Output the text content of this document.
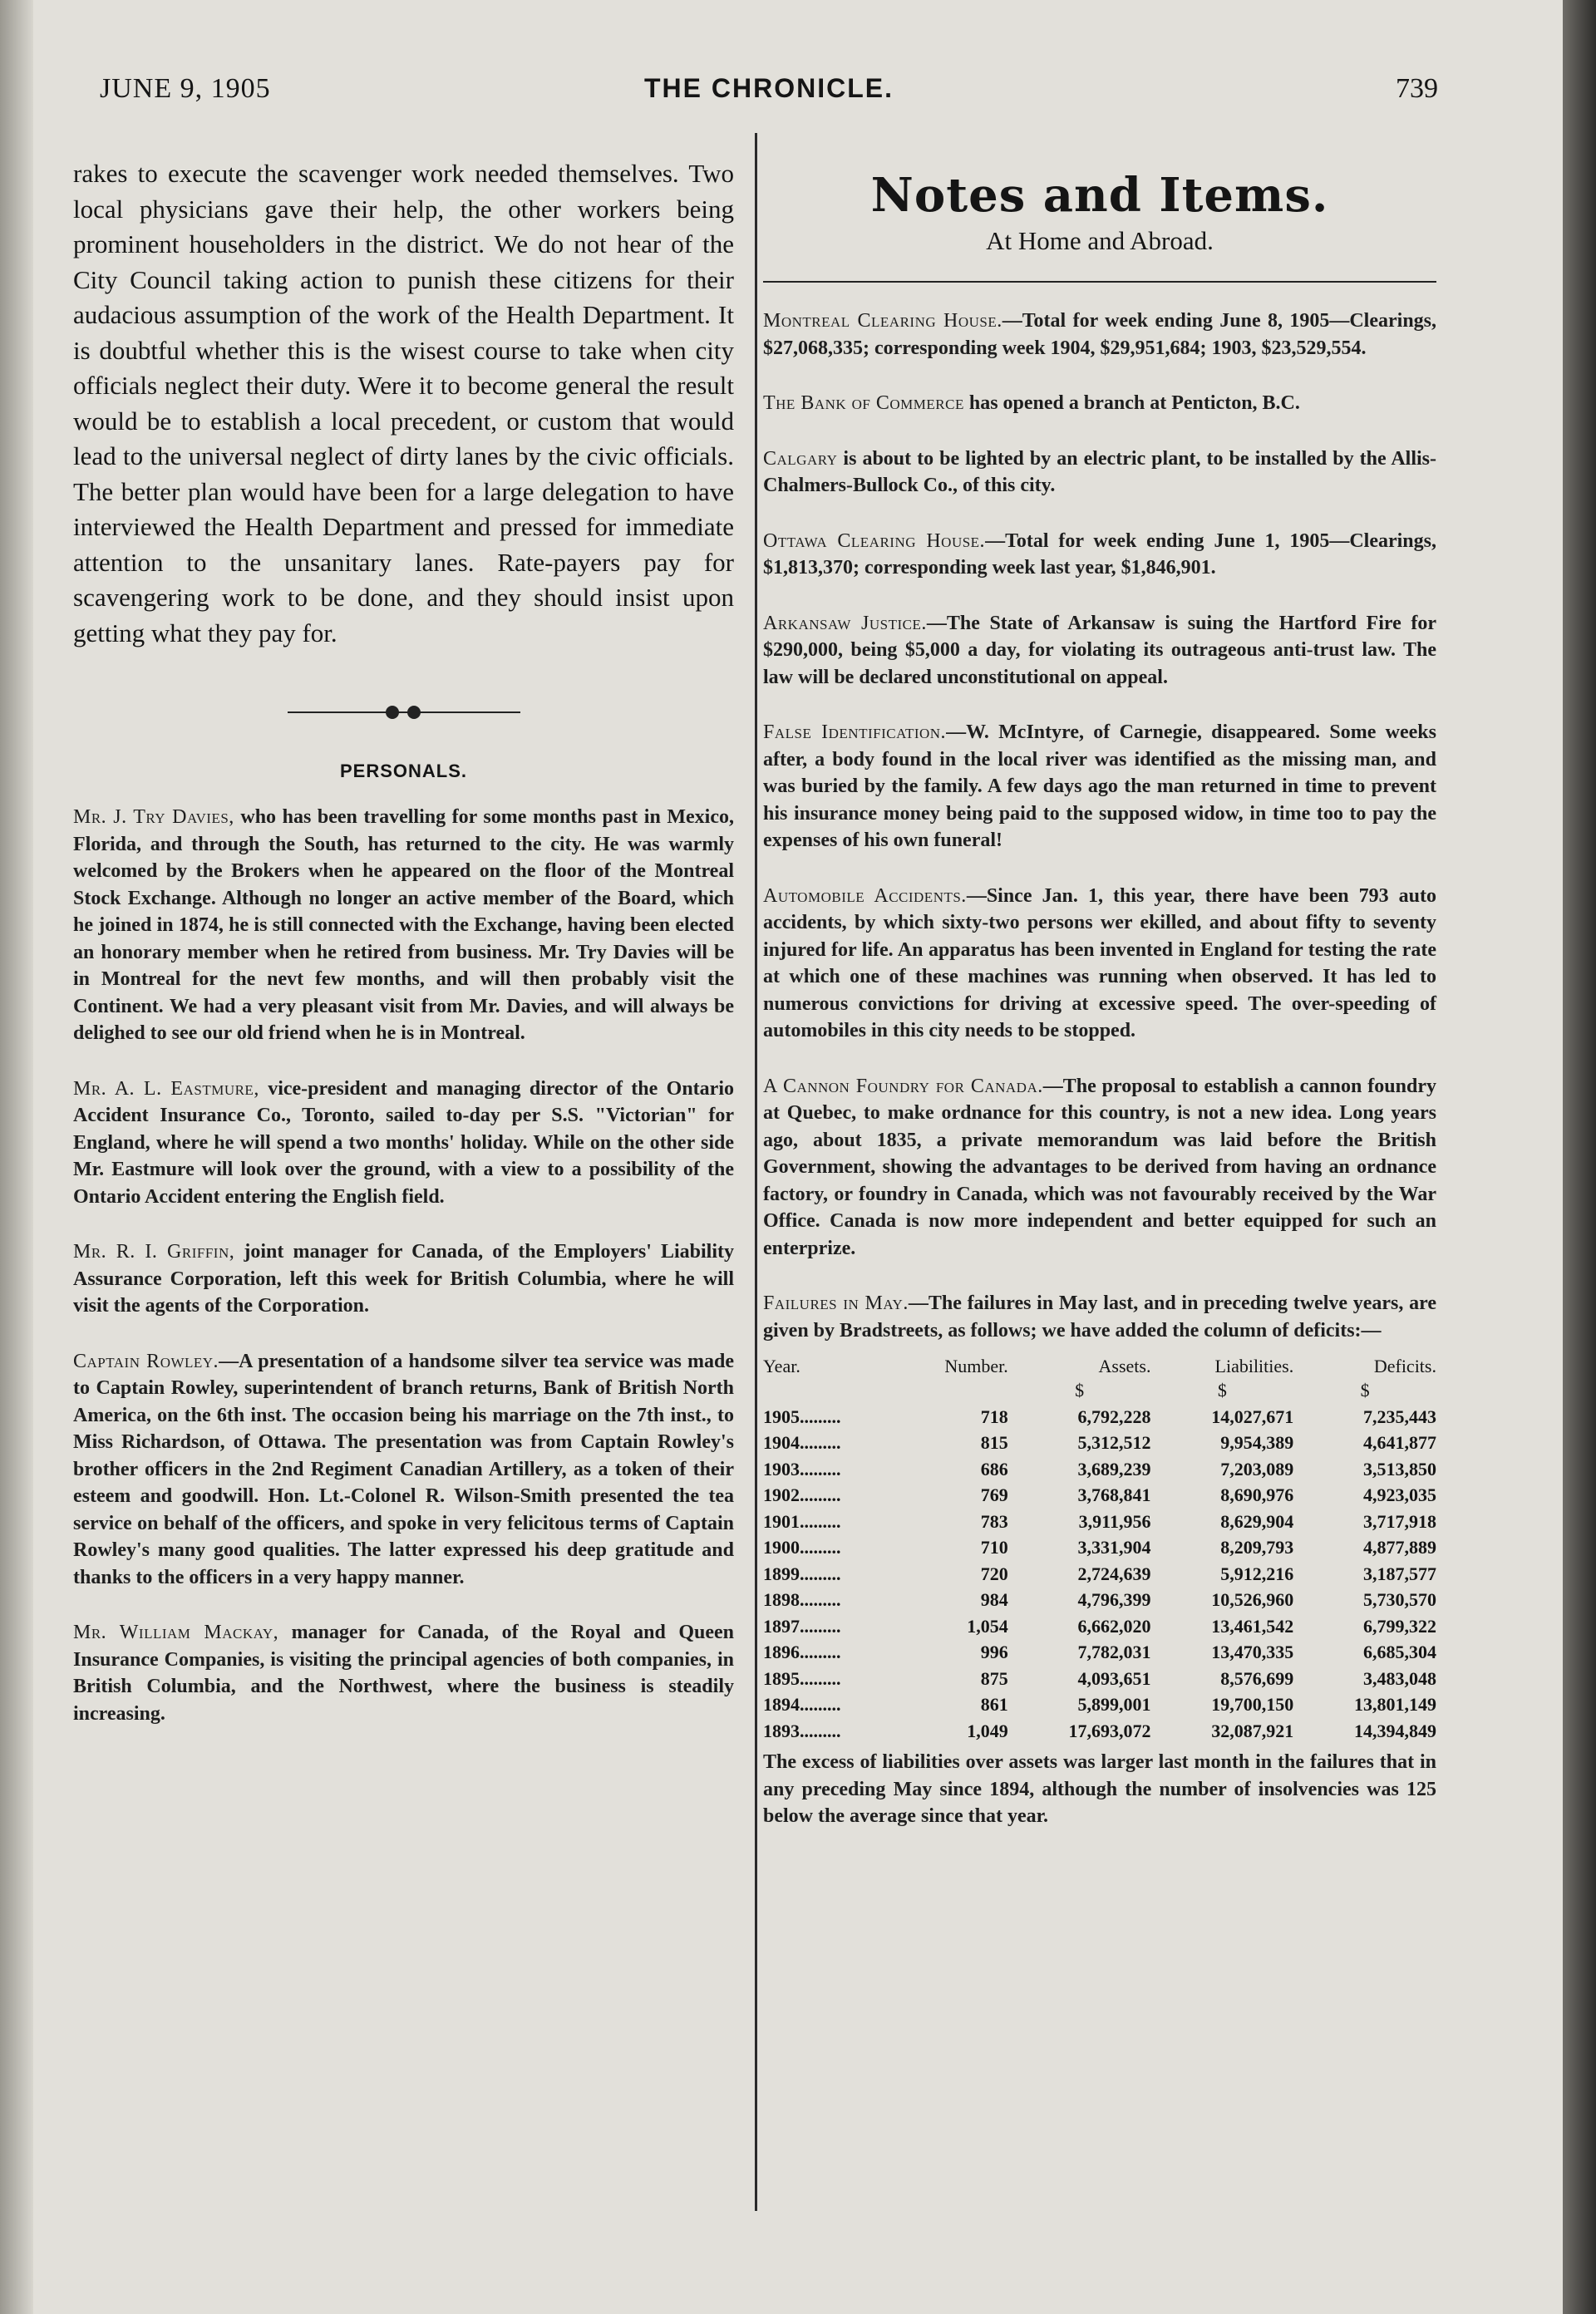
JUNE 9, 1905	THE CHRONICLE.	739

rakes to execute the scavenger work needed themselves. Two local physicians gave their help, the other workers being prominent householders in the district. We do not hear of the City Council taking action to punish these citizens for their audacious assumption of the work of the Health Department. It is doubtful whether this is the wisest course to take when city officials neglect their duty. Were it to become general the result would be to establish a local precedent, or custom that would lead to the universal neglect of dirty lanes by the civic officials. The better plan would have been for a large delegation to have interviewed the Health Department and pressed for immediate attention to the unsanitary lanes. Rate-payers pay for scavengering work to be done, and they should insist upon getting what they pay for.

PERSONALS.

Mr. J. Try Davies, who has been travelling for some months past in Mexico, Florida, and through the South, has returned to the city. He was warmly welcomed by the Brokers when he appeared on the floor of the Montreal Stock Exchange. Although no longer an active member of the Board, which he joined in 1874, he is still connected with the Exchange, having been elected an honorary member when he retired from business. Mr. Try Davies will be in Montreal for the nevt few months, and will then probably visit the Continent. We had a very pleasant visit from Mr. Davies, and will always be delighed to see our old friend when he is in Montreal.

Mr. A. L. Eastmure, vice-president and managing director of the Ontario Accident Insurance Co., Toronto, sailed to-day per S.S. "Victorian" for England, where he will spend a two months' holiday. While on the other side Mr. Eastmure will look over the ground, with a view to a possibility of the Ontario Accident entering the English field.

Mr. R. I. Griffin, joint manager for Canada, of the Employers' Liability Assurance Corporation, left this week for British Columbia, where he will visit the agents of the Corporation.

Captain Rowley.—A presentation of a handsome silver tea service was made to Captain Rowley, superintendent of branch returns, Bank of British North America, on the 6th inst. The occasion being his marriage on the 7th inst., to Miss Richardson, of Ottawa. The presentation was from Captain Rowley's brother officers in the 2nd Regiment Canadian Artillery, as a token of their esteem and goodwill. Hon. Lt.-Colonel R. Wilson-Smith presented the tea service on behalf of the officers, and spoke in very felicitous terms of Captain Rowley's many good qualities. The latter expressed his deep gratitude and thanks to the officers in a very happy manner.

Mr. William Mackay, manager for Canada, of the Royal and Queen Insurance Companies, is visiting the principal agencies of both companies, in British Columbia, and the Northwest, where the business is steadily increasing.

Notes and Items.
At Home and Abroad.

Montreal Clearing House.—Total for week ending June 8, 1905—Clearings, $27,068,335; corresponding week 1904, $29,951,684; 1903, $23,529,554.

The Bank of Commerce has opened a branch at Penticton, B.C.

Calgary is about to be lighted by an electric plant, to be installed by the Allis-Chalmers-Bullock Co., of this city.

Ottawa Clearing House.—Total for week ending June 1, 1905—Clearings, $1,813,370; corresponding week last year, $1,846,901.

Arkansaw Justice.—The State of Arkansaw is suing the Hartford Fire for $290,000, being $5,000 a day, for violating its outrageous anti-trust law. The law will be declared unconstitutional on appeal.

False Identification.—W. McIntyre, of Carnegie, disappeared. Some weeks after, a body found in the local river was identified as the missing man, and was buried by the family. A few days ago the man returned in time to prevent his insurance money being paid to the supposed widow, in time too to pay the expenses of his own funeral!

Automobile Accidents.—Since Jan. 1, this year, there have been 793 auto accidents, by which sixty-two persons wer ekilled, and about fifty to seventy injured for life. An apparatus has been invented in England for testing the rate at which one of these machines was running when observed. It has led to numerous convictions for driving at excessive speed. The over-speeding of automobiles in this city needs to be stopped.

A Cannon Foundry for Canada.—The proposal to establish a cannon foundry at Quebec, to make ordnance for this country, is not a new idea. Long years ago, about 1835, a private memorandum was laid before the British Government, showing the advantages to be derived from having an ordnance factory, or foundry in Canada, which was not favourably received by the War Office. Canada is now more independent and better equipped for such an enterprize.

Failures in May.—The failures in May last, and in preceding twelve years, are given by Bradstreets, as follows; we have added the column of deficits:—

Year.	Number.	Assets.	Liabilities.	Deficits.
		$	$	$
1905.........	718	6,792,228	14,027,671	7,235,443
1904.........	815	5,312,512	9,954,389	4,641,877
1903.........	686	3,689,239	7,203,089	3,513,850
1902.........	769	3,768,841	8,690,976	4,923,035
1901.........	783	3,911,956	8,629,904	3,717,918
1900.........	710	3,331,904	8,209,793	4,877,889
1899.........	720	2,724,639	5,912,216	3,187,577
1898.........	984	4,796,399	10,526,960	5,730,570
1897.........	1,054	6,662,020	13,461,542	6,799,322
1896.........	996	7,782,031	13,470,335	6,685,304
1895.........	875	4,093,651	8,576,699	3,483,048
1894.........	861	5,899,001	19,700,150	13,801,149
1893.........	1,049	17,693,072	32,087,921	14,394,849

The excess of liabilities over assets was larger last month in the failures that in any preceding May since 1894, although the number of insolvencies was 125 below the average since that year.
